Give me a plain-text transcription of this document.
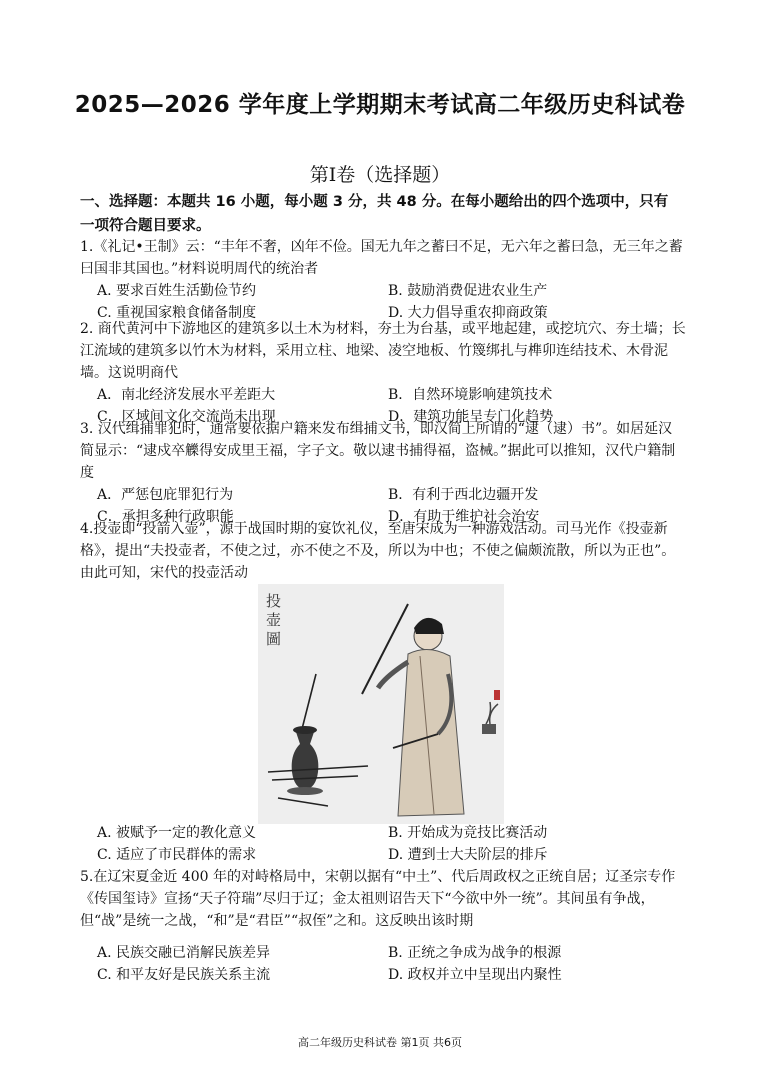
2025—2026 学年度上学期期末考试高二年级历史科试卷
第Ⅰ卷（选择题）
一、选择题：本题共 16 小题，每小题 3 分，共 48 分。在每小题给出的四个选项中，只有一项符合题目要求。
1.《礼记•王制》云：“丰年不奢，凶年不俭。国无九年之蓄曰不足，无六年之蓄曰急，无三年之蓄曰国非其国也。”材料说明周代的统治者
A. 要求百姓生活勤俭节约	B. 鼓励消费促进农业生产
C. 重视国家粮食储备制度	D. 大力倡导重农抑商政策
2. 商代黄河中下游地区的建筑多以土木为材料，夯土为台基，或平地起建，或挖坑穴、夯土墙；长江流域的建筑多以竹木为材料，采用立柱、地梁、凌空地板、竹篾绑扎与榫卯连结技术、木骨泥墙。这说明商代
A．南北经济发展水平差距大	B．自然环境影响建筑技术
C．区域间文化交流尚未出现	D．建筑功能呈专门化趋势
3. 汉代缉捕罪犯时，通常要依据户籍来发布缉捕文书，即汉简上所谓的“逮（逮）书”。如居延汉简显示：“逮戍卒觻得安成里王福，字子文。敬以逮书捕得福，盗械。”据此可以推知，汉代户籍制度
A．严惩包庇罪犯行为	B．有利于西北边疆开发
C．承担多种行政职能	D．有助于维护社会治安
4.投壶即“投箭入壶”，源于战国时期的宴饮礼仪，至唐宋成为一种游戏活动。司马光作《投壶新格》，提出“夫投壶者，不使之过，亦不使之不及，所以为中也；不使之偏颇流散，所以为正也”。由此可知，宋代的投壶活动
投
壶
圖
A. 被赋予一定的教化意义	B. 开始成为竞技比赛活动
C. 适应了市民群体的需求	D. 遭到士大夫阶层的排斥
5.在辽宋夏金近 400 年的对峙格局中，宋朝以据有“中土”、代后周政权之正统自居；辽圣宗专作《传国玺诗》宣扬“天子符瑞”尽归于辽；金太祖则诏告天下“今欲中外一统”。其间虽有争战，但“战”是统一之战，“和”是“君臣”“叔侄”之和。这反映出该时期
A. 民族交融已消解民族差异	B. 正统之争成为战争的根源
C. 和平友好是民族关系主流	D. 政权并立中呈现出内聚性
高二年级历史科试卷 第1页 共6页
